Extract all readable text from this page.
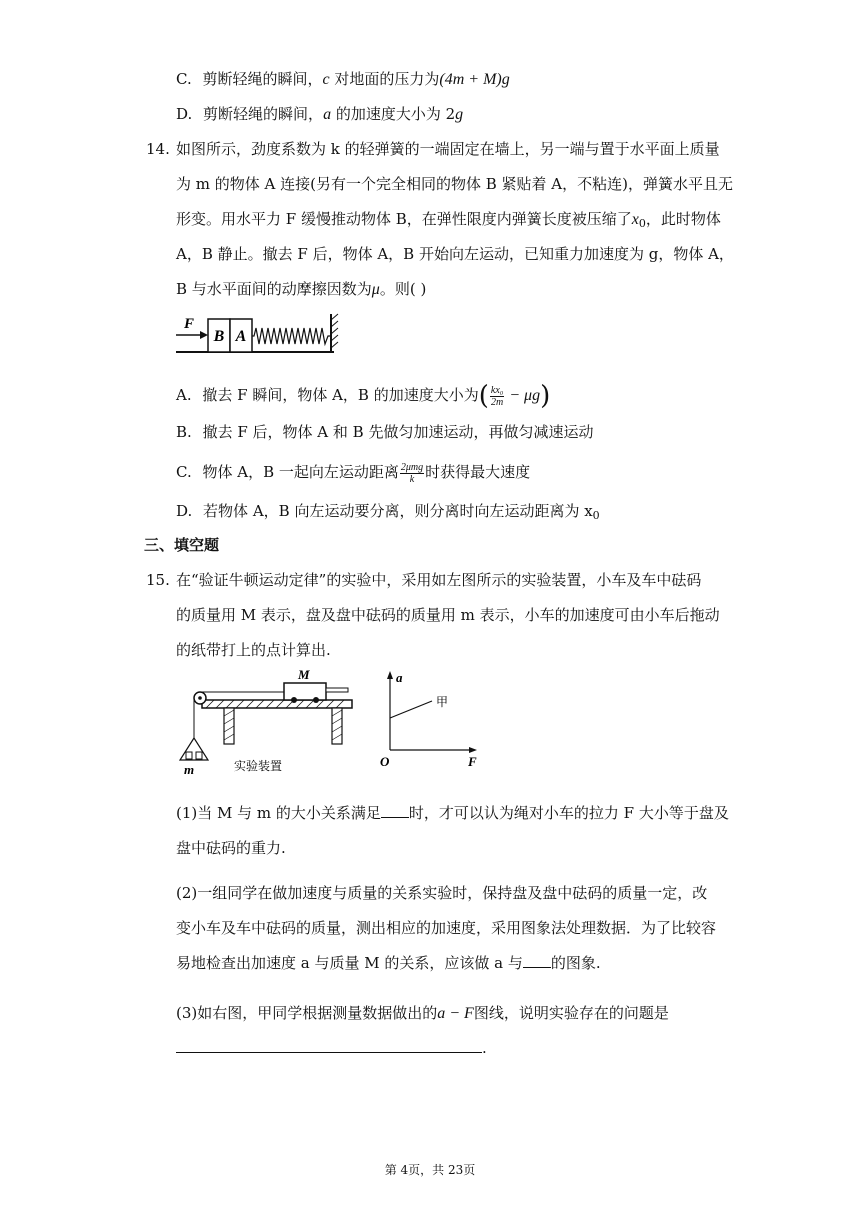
C. 剪断轻绳的瞬间，c 对地面的压力为(4m + M)g
D. 剪断轻绳的瞬间，a 的加速度大小为 2g
14. 如图所示，劲度系数为 k 的轻弹簧的一端固定在墙上，另一端与置于水平面上质量
为 m 的物体 A 连接(另有一个完全相同的物体 B 紧贴着 A，不粘连)，弹簧水平且无
形变。用水平力 F 缓慢推动物体 B，在弹性限度内弹簧长度被压缩了$x_0$，此时物体
A，B 静止。撤去 F 后，物体 A，B 开始向左运动，已知重力加速度为 g，物体 A，
B 与水平面间的动摩擦因数为μ。则( )
B A
F
A. 撤去 F 瞬间，物体 A，B 的加速度大小为( $\frac{\text{kx₀}}{2m} - \mu g$)
B. 撤去 F 后，物体 A 和 B 先做匀加速运动，再做匀减速运动
C. 物体 A，B 一起向左运动距离 $\frac{\text{2μmg}}{k}$ 时获得最大速度
D. 若物体 A，B 向左运动要分离，则分离时向左运动距离为 $x_0$
三、填空题
15. 在“验证牛顿运动定律”的实验中，采用如左图所示的实验装置，小车及车中砝码
的质量用 M 表示，盘及盘中砝码的质量用 m 表示，小车的加速度可由小车后拖动
的纸带打上的点计算出.
M
m	实验装置
a
F
O
甲
(1)当 M 与 m 的大小关系满足 时，才可以认为绳对小车的拉力 F 大小等于盘及
盘中砝码的重力.
(2)一组同学在做加速度与质量的关系实验时，保持盘及盘中砝码的质量一定，改
变小车及车中砝码的质量，测出相应的加速度，采用图象法处理数据．为了比较容
易地检查出加速度 a 与质量 M 的关系，应该做 a 与 的图象.
(3)如右图，甲同学根据测量数据做出的a − F图线，说明实验存在的问题是
.
第 4页，共 23页
